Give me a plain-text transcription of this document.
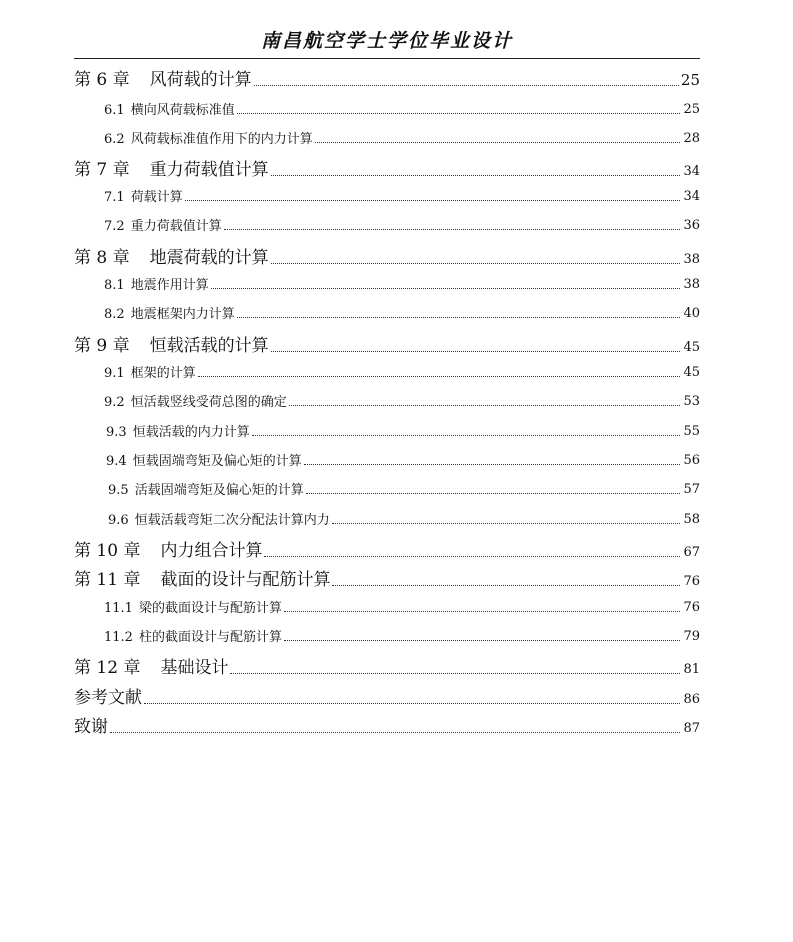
南昌航空学士学位毕业设计
第 6 章 风荷载的计算	25
6.1 横向风荷载标准值	25
6.2 风荷载标准值作用下的内力计算	28
第 7 章 重力荷载值计算	34
7.1 荷载计算	34
7.2 重力荷载值计算	36
第 8 章 地震荷载的计算	38
8.1 地震作用计算	38
8.2 地震框架内力计算	40
第 9 章 恒载活载的计算	45
9.1 框架的计算	45
9.2 恒活载竖线受荷总图的确定	53
9.3 恒载活载的内力计算	55
9.4 恒载固端弯矩及偏心矩的计算	56
9.5 活载固端弯矩及偏心矩的计算	57
9.6 恒载活载弯矩二次分配法计算内力	58
第 10 章 内力组合计算	67
第 11 章 截面的设计与配筋计算	76
11.1 梁的截面设计与配筋计算	76
11.2 柱的截面设计与配筋计算	79
第 12 章 基础设计	81
参考文献	86
致谢	87
